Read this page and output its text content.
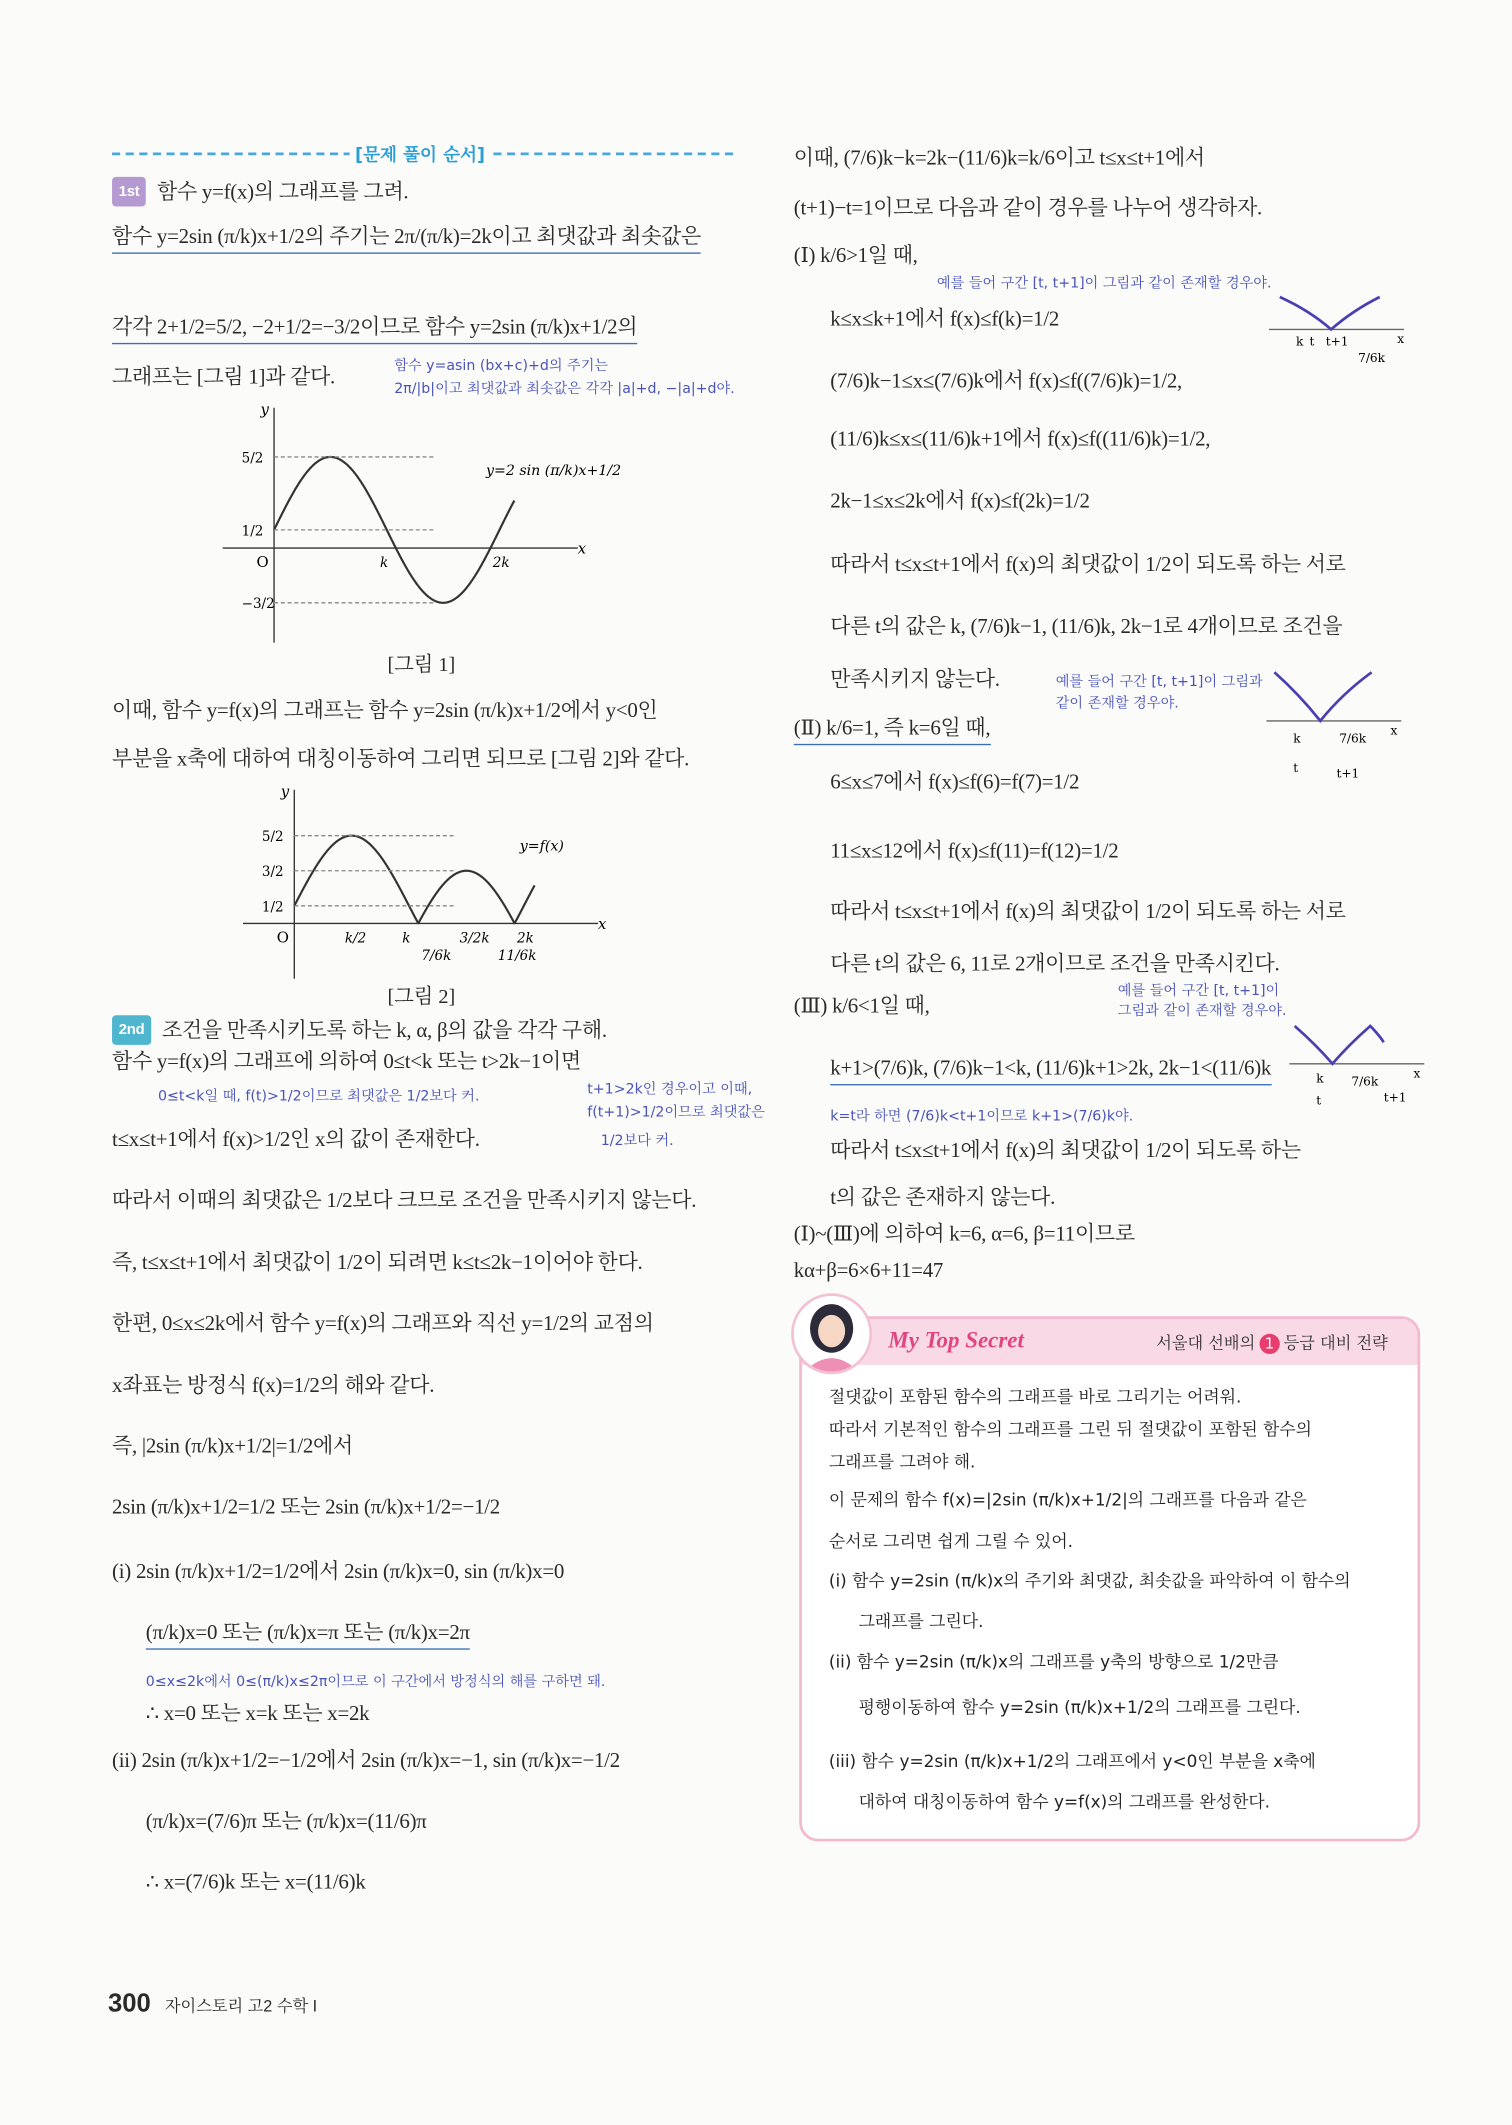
[문제 풀이 순서]
1st 함수 y=f(x)의 그래프를 그려.
함수 y=2sin (π/k)x+1/2의 주기는 2π/(π/k)=2k이고 최댓값과 최솟값은
각각 2+1/2=5/2, −2+1/2=−3/2이므로 함수 y=2sin (π/k)x+1/2의
그래프는 [그림 1]과 같다.	함수 y=asin (bx+c)+d의 주기는
2π/|b|이고 최댓값과 최솟값은 각각 |a|+d, −|a|+d야.
x
y
O
5/2
1/2
−3/2
k	2k
y=2 sin (π/k)x+1/2
[그림 1]
이때, 함수 y=f(x)의 그래프는 함수 y=2sin (π/k)x+1/2에서 y<0인
부분을 x축에 대하여 대칭이동하여 그리면 되므로 [그림 2]와 같다.
x
y
O
5/2
3/2
1/2
k/2	k
7/6k
3/2k
11/6k
2k
y=f(x)
[그림 2]
2nd 조건을 만족시키도록 하는 k, α, β의 값을 각각 구해.
함수 y=f(x)의 그래프에 의하여 0≤t<k 또는 t>2k−1이면
0≤t<k일 때, f(t)>1/2이므로 최댓값은 1/2보다 커.	t+1>2k인 경우이고 이때,
f(t+1)>1/2이므로 최댓값은
1/2보다 커.
t≤x≤t+1에서 f(x)>1/2인 x의 값이 존재한다.
따라서 이때의 최댓값은 1/2보다 크므로 조건을 만족시키지 않는다.
즉, t≤x≤t+1에서 최댓값이 1/2이 되려면 k≤t≤2k−1이어야 한다.
한편, 0≤x≤2k에서 함수 y=f(x)의 그래프와 직선 y=1/2의 교점의
x좌표는 방정식 f(x)=1/2의 해와 같다.
즉, |2sin (π/k)x+1/2|=1/2에서
2sin (π/k)x+1/2=1/2 또는 2sin (π/k)x+1/2=−1/2
(i) 2sin (π/k)x+1/2=1/2에서 2sin (π/k)x=0, sin (π/k)x=0
(π/k)x=0 또는 (π/k)x=π 또는 (π/k)x=2π
0≤x≤2k에서 0≤(π/k)x≤2π이므로 이 구간에서 방정식의 해를 구하면 돼.
∴ x=0 또는 x=k 또는 x=2k
(ii) 2sin (π/k)x+1/2=−1/2에서 2sin (π/k)x=−1, sin (π/k)x=−1/2
(π/k)x=(7/6)π 또는 (π/k)x=(11/6)π
∴ x=(7/6)k 또는 x=(11/6)k
이때, (7/6)k−k=2k−(11/6)k=k/6이고 t≤x≤t+1에서
(t+1)−t=1이므로 다음과 같이 경우를 나누어 생각하자.
(Ⅰ) k/6>1일 때,
예를 들어 구간 [t, t+1]이 그림과 같이 존재할 경우야.
k≤x≤k+1에서 f(x)≤f(k)=1/2
(7/6)k−1≤x≤(7/6)k에서 f(x)≤f((7/6)k)=1/2,
(11/6)k≤x≤(11/6)k+1에서 f(x)≤f((11/6)k)=1/2,
2k−1≤x≤2k에서 f(x)≤f(2k)=1/2
따라서 t≤x≤t+1에서 f(x)의 최댓값이 1/2이 되도록 하는 서로
다른 t의 값은 k, (7/6)k−1, (11/6)k, 2k−1로 4개이므로 조건을
만족시키지 않는다.	예를 들어 구간 [t, t+1]이 그림과
같이 존재할 경우야.
(Ⅱ) k/6=1, 즉 k=6일 때,
6≤x≤7에서 f(x)≤f(6)=f(7)=1/2
11≤x≤12에서 f(x)≤f(11)=f(12)=1/2
따라서 t≤x≤t+1에서 f(x)의 최댓값이 1/2이 되도록 하는 서로
다른 t의 값은 6, 11로 2개이므로 조건을 만족시킨다.
예를 들어 구간 [t, t+1]이
그림과 같이 존재할 경우야.
(Ⅲ) k/6<1일 때,
k+1>(7/6)k, (7/6)k−1<k, (11/6)k+1>2k, 2k−1<(11/6)k
k=t라 하면 (7/6)k<t+1이므로 k+1>(7/6)k야.
따라서 t≤x≤t+1에서 f(x)의 최댓값이 1/2이 되도록 하는
t의 값은 존재하지 않는다.
(Ⅰ)~(Ⅲ)에 의하여 k=6, α=6, β=11이므로
kα+β=6×6+11=47
k t t+1
7/6k
x
k
t
7/6k
t+1
x
k
t
7/6k
t+1
x
My Top Secret	서울대 선배의 1 등급 대비 전략
절댓값이 포함된 함수의 그래프를 바로 그리기는 어려워.
따라서 기본적인 함수의 그래프를 그린 뒤 절댓값이 포함된 함수의
그래프를 그려야 해.
이 문제의 함수 f(x)=|2sin (π/k)x+1/2|의 그래프를 다음과 같은
순서로 그리면 쉽게 그릴 수 있어.
(i) 함수 y=2sin (π/k)x의 주기와 최댓값, 최솟값을 파악하여 이 함수의
그래프를 그린다.
(ii) 함수 y=2sin (π/k)x의 그래프를 y축의 방향으로 1/2만큼
평행이동하여 함수 y=2sin (π/k)x+1/2의 그래프를 그린다.
(iii) 함수 y=2sin (π/k)x+1/2의 그래프에서 y<0인 부분을 x축에
대하여 대칭이동하여 함수 y=f(x)의 그래프를 완성한다.
300 자이스토리 고2 수학 I
